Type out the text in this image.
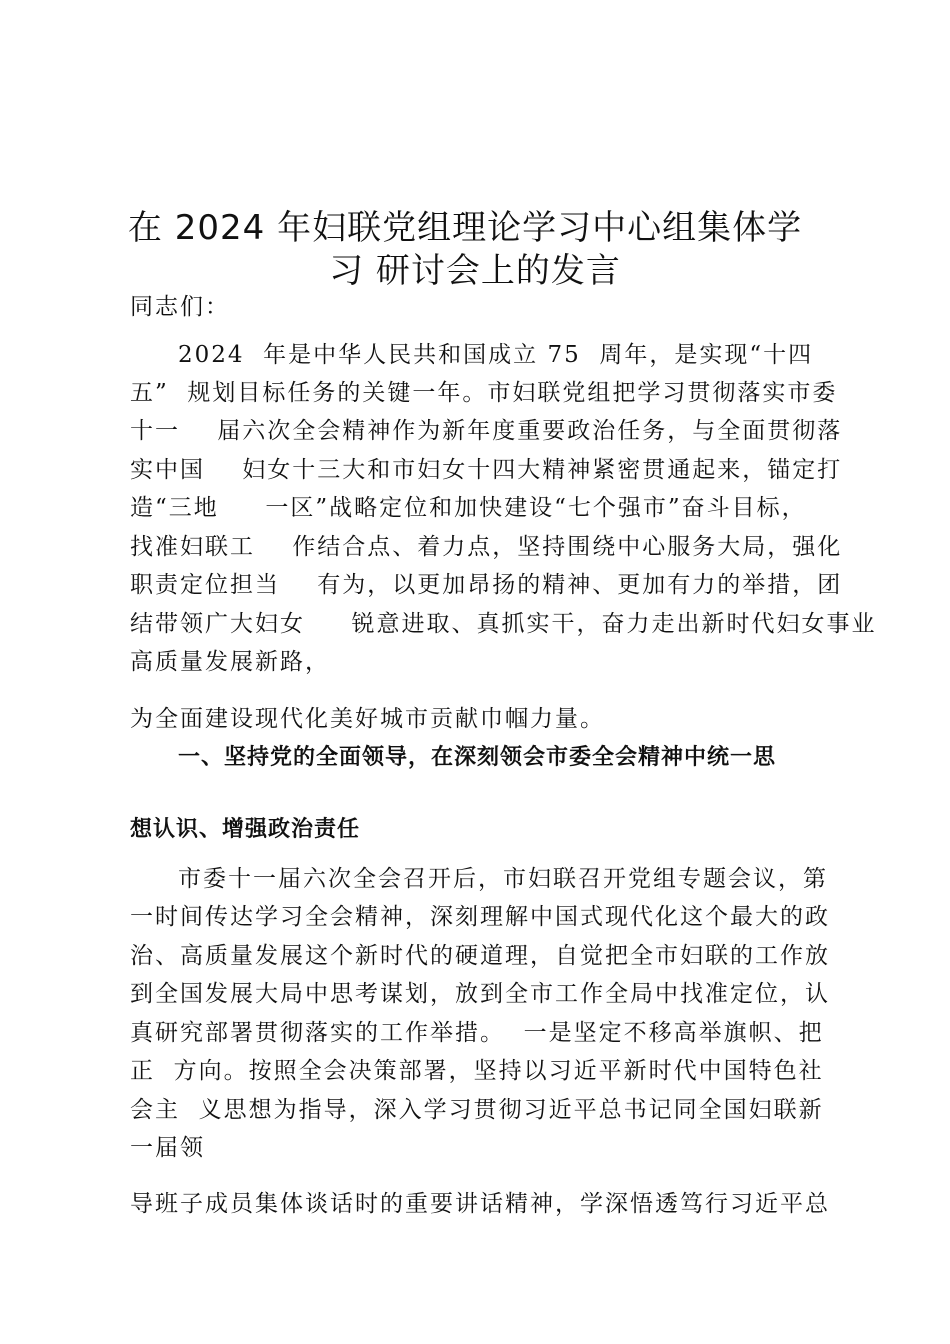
在 2024 年妇联党组理论学习中心组集体学
习 研讨会上的发言
同志们：
2024  年是中华人民共和国成立 75  周年，是实现“十四
五”  规划目标任务的关键一年。市妇联党组把学习贯彻落实市委
十一    届六次全会精神作为新年度重要政治任务，与全面贯彻落
实中国    妇女十三大和市妇女十四大精神紧密贯通起来，锚定打
造“三地     一区”战略定位和加快建设“七个强市”奋斗目标，
找准妇联工    作结合点、着力点，坚持围绕中心服务大局，强化
职责定位担当    有为，以更加昂扬的精神、更加有力的举措，团
结带领广大妇女     锐意进取、真抓实干，奋力走出新时代妇女事业
高质量发展新路，
为全面建设现代化美好城市贡献巾帼力量。
一、坚持党的全面领导，在深刻领会市委全会精神中统一思
想认识、增强政治责任
市委十一届六次全会召开后，市妇联召开党组专题会议，第
一时间传达学习全会精神，深刻理解中国式现代化这个最大的政
治、高质量发展这个新时代的硬道理，自觉把全市妇联的工作放
到全国发展大局中思考谋划，放到全市工作全局中找准定位，认
真研究部署贯彻落实的工作举措。  一是坚定不移高举旗帜、把
正  方向。按照全会决策部署，坚持以习近平新时代中国特色社
会主  义思想为指导，深入学习贯彻习近平总书记同全国妇联新
一届领
导班子成员集体谈话时的重要讲话精神，学深悟透笃行习近平总
